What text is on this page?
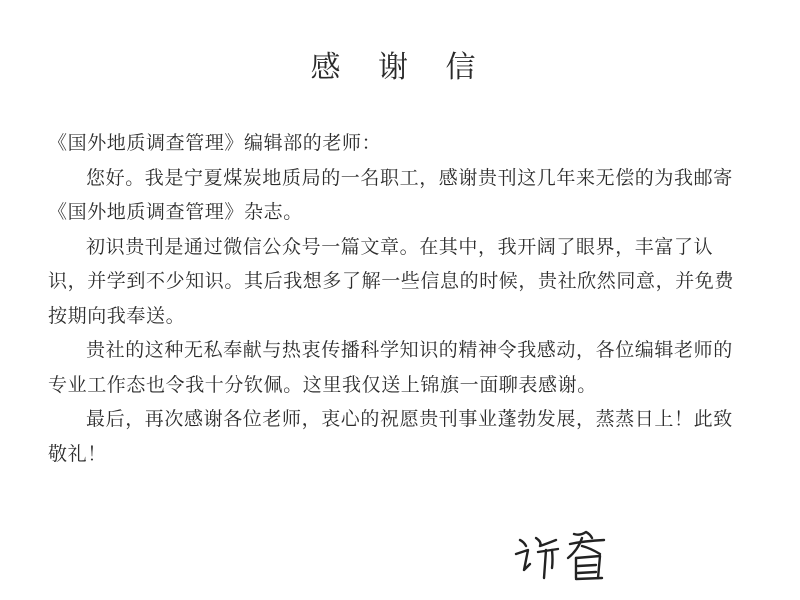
感 谢 信

《国外地质调查管理》编辑部的老师：

您好。我是宁夏煤炭地质局的一名职工，感谢贵刊这几年来无偿的为我邮寄《国外地质调查管理》杂志。

初识贵刊是通过微信公众号一篇文章。在其中，我开阔了眼界，丰富了认识，并学到不少知识。其后我想多了解一些信息的时候，贵社欣然同意，并免费按期向我奉送。

贵社的这种无私奉献与热衷传播科学知识的精神令我感动，各位编辑老师的专业工作态也令我十分钦佩。这里我仅送上锦旗一面聊表感谢。

最后，再次感谢各位老师，衷心的祝愿贵刊事业蓬勃发展，蒸蒸日上！此致

敬礼！
